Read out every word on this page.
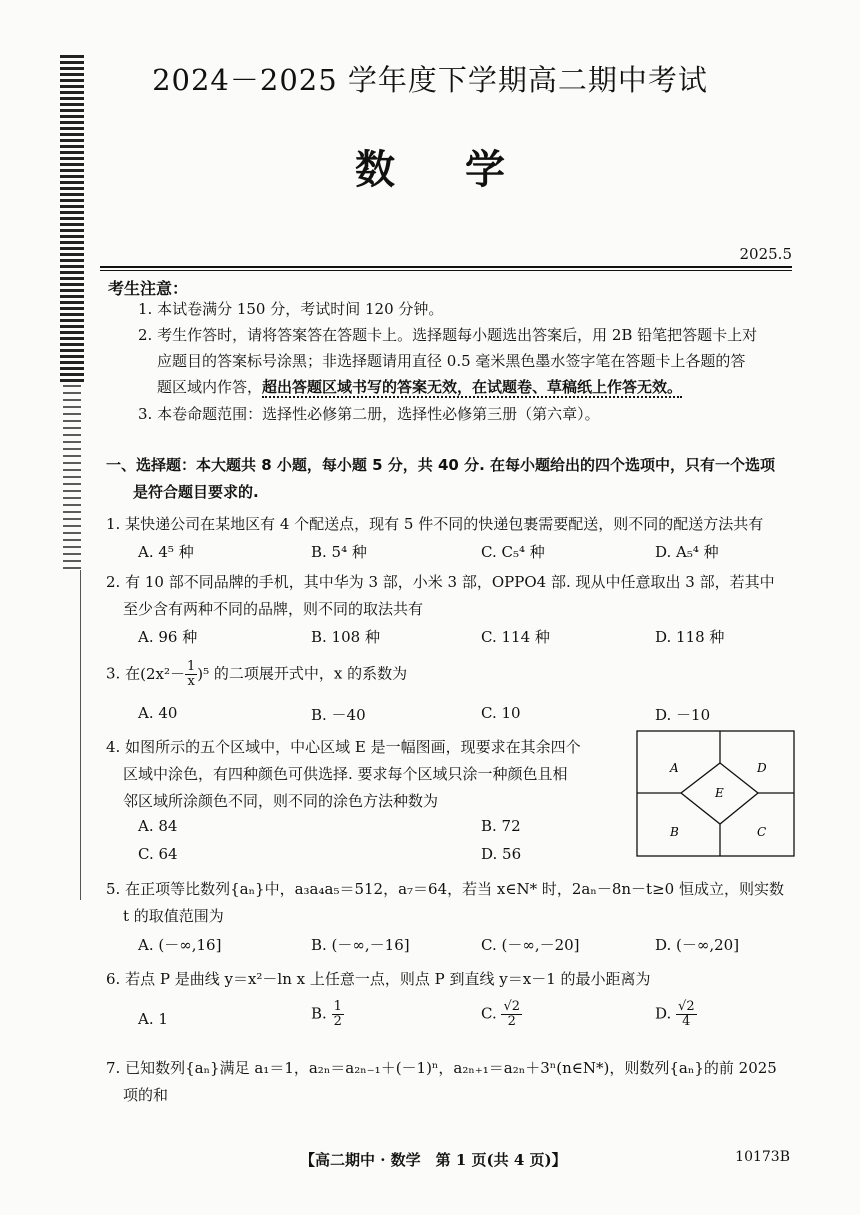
2024－2025 学年度下学期高二期中考试
数学
2025.5
考生注意：
1. 本试卷满分 150 分，考试时间 120 分钟。
2. 考生作答时，请将答案答在答题卡上。选择题每小题选出答案后，用 2B 铅笔把答题卡上对
应题目的答案标号涂黑；非选择题请用直径 0.5 毫米黑色墨水签字笔在答题卡上各题的答
题区域内作答，超出答题区域书写的答案无效，在试题卷、草稿纸上作答无效。
3. 本卷命题范围：选择性必修第二册，选择性必修第三册（第六章）。
一、选择题：本大题共 8 小题，每小题 5 分，共 40 分. 在每小题给出的四个选项中，只有一个选项
是符合题目要求的.
1. 某快递公司在某地区有 4 个配送点，现有 5 件不同的快递包裹需要配送，则不同的配送方法共有
A. 4⁵ 种	B. 5⁴ 种	C. C₅⁴ 种	D. A₅⁴ 种
2. 有 10 部不同品牌的手机，其中华为 3 部，小米 3 部，OPPO4 部. 现从中任意取出 3 部，若其中
至少含有两种不同的品牌，则不同的取法共有
A. 96 种	B. 108 种	C. 114 种	D. 118 种
3. 在$(2x^2- \frac{1}{x} )^5$ 的二项展开式中，x 的系数为
A. 40	B. －40	C. 10	D. －10
4. 如图所示的五个区域中，中心区域 E 是一幅图画，现要求在其余四个
区域中涂色，有四种颜色可供选择. 要求每个区域只涂一种颜色且相
邻区域所涂颜色不同，则不同的涂色方法种数为
A. 84	B. 72
C. 64	D. 56
A	D
E
B	C
5. 在正项等比数列{aₙ}中，a₃a₄a₅＝512，a₇＝64，若当 x∈N* 时，2aₙ－8n－t≥0 恒成立，则实数
t 的取值范围为
A. (－∞,16]	B. (－∞,－16]	C. (－∞,－20]	D. (－∞,20]
6. 若点 P 是曲线 y＝x²－ln x 上任意一点，则点 P 到直线 y＝x－1 的最小距离为
A. 1	B. $\frac{1}{2}$	C. $\frac{√2}{2}$	D. $\frac{√2}{4}$
7. 已知数列{aₙ}满足 a₁＝1，a₂ₙ＝a₂ₙ₋₁＋(－1)ⁿ，a₂ₙ₊₁＝a₂ₙ＋3ⁿ(n∈N*)，则数列{aₙ}的前 2025
项的和
【高二期中 · 数学　第 1 页(共 4 页)】	10173B
